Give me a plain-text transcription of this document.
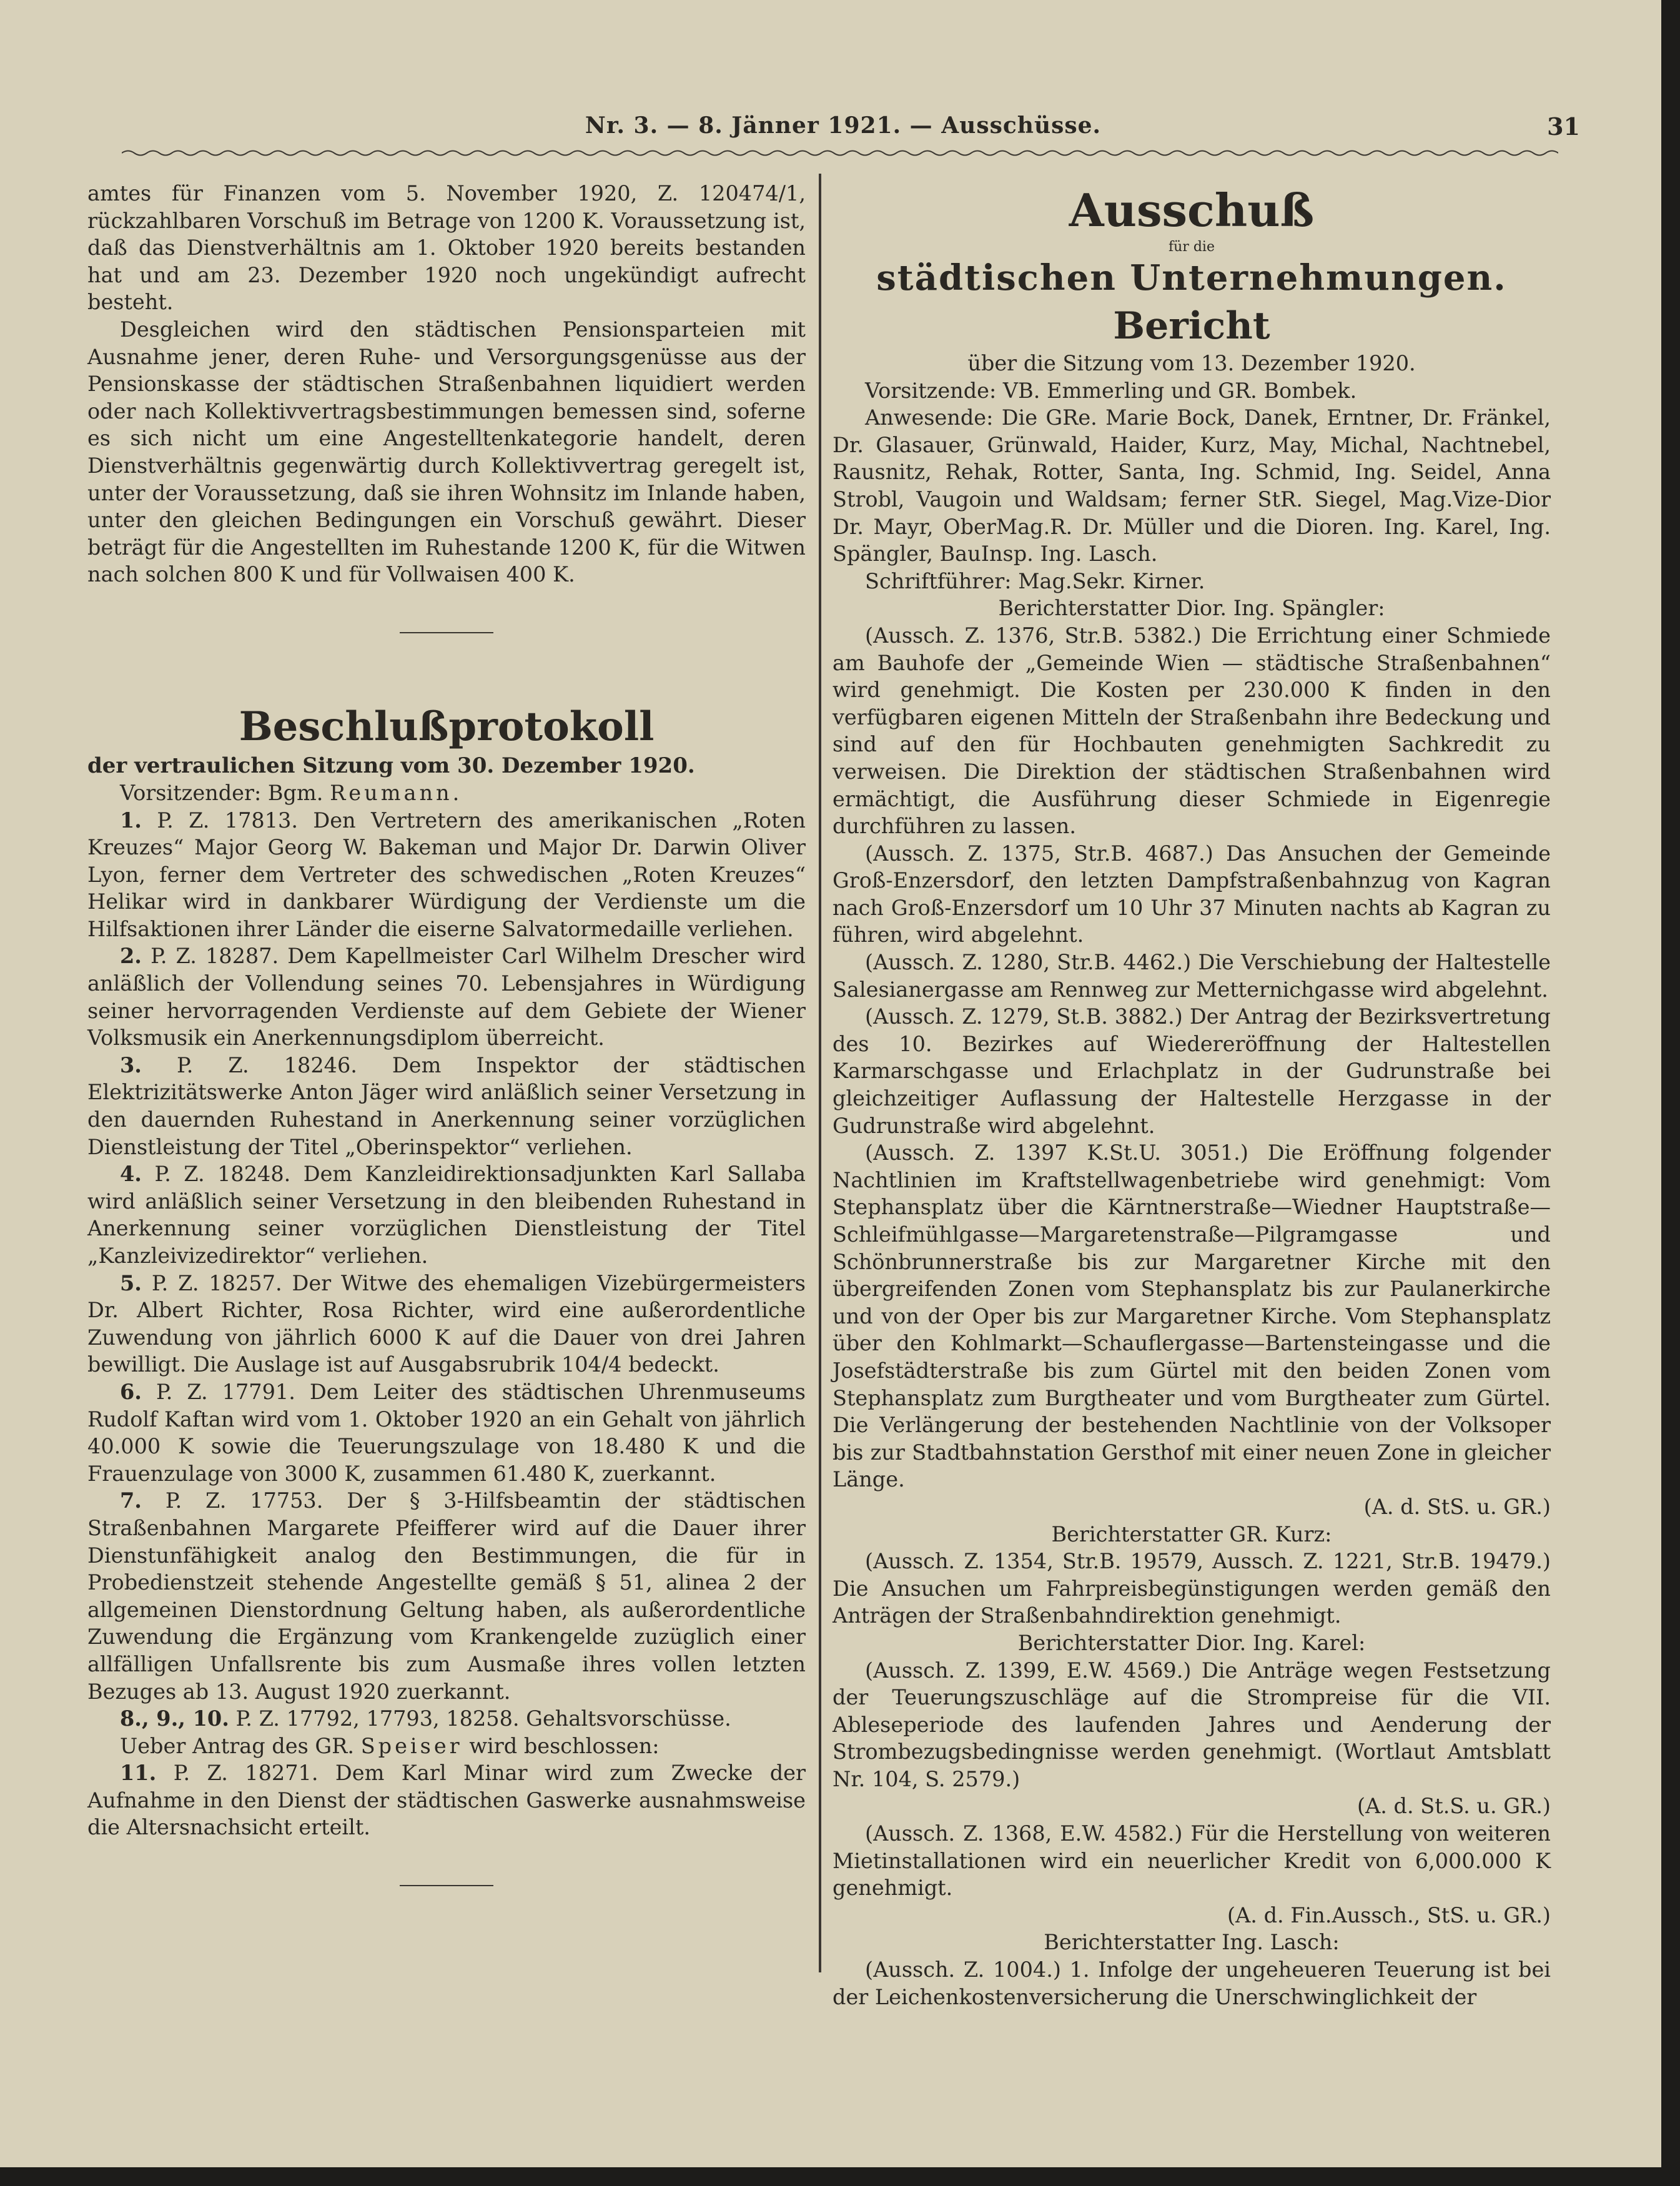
Nr. 3. — 8. Jänner 1921. — Ausschüsse.	31

amtes für Finanzen vom 5. November 1920, Z. 120474/1, rückzahlbaren Vorschuß im Betrage von 1200 K. Voraussetzung ist, daß das Dienstverhältnis am 1. Oktober 1920 bereits bestanden hat und am 23. Dezember 1920 noch ungekündigt aufrecht besteht.

Desgleichen wird den städtischen Pensionsparteien mit Ausnahme jener, deren Ruhe- und Versorgungsgenüsse aus der Pensionskasse der städtischen Straßenbahnen liquidiert werden oder nach Kollektivvertragsbestimmungen bemessen sind, soferne es sich nicht um eine Angestelltenkategorie handelt, deren Dienstverhältnis gegenwärtig durch Kollektivvertrag geregelt ist, unter der Voraussetzung, daß sie ihren Wohnsitz im Inlande haben, unter den gleichen Bedingungen ein Vorschuß gewährt. Dieser beträgt für die Angestellten im Ruhestande 1200 K, für die Witwen nach solchen 800 K und für Vollwaisen 400 K.

Beschlußprotokoll

der vertraulichen Sitzung vom 30. Dezember 1920.

Vorsitzender: Bgm. Reumann.

1. P. Z. 17813. Den Vertretern des amerikanischen „Roten Kreuzes“ Major Georg W. Bakeman und Major Dr. Darwin Oliver Lyon, ferner dem Vertreter des schwedischen „Roten Kreuzes“ Helikar wird in dankbarer Würdigung der Verdienste um die Hilfsaktionen ihrer Länder die eiserne Salvatormedaille verliehen.

2. P. Z. 18287. Dem Kapellmeister Carl Wilhelm Drescher wird anläßlich der Vollendung seines 70. Lebensjahres in Würdigung seiner hervorragenden Verdienste auf dem Gebiete der Wiener Volksmusik ein Anerkennungsdiplom überreicht.

3. P. Z. 18246. Dem Inspektor der städtischen Elektrizitätswerke Anton Jäger wird anläßlich seiner Versetzung in den dauernden Ruhestand in Anerkennung seiner vorzüglichen Dienstleistung der Titel „Oberinspektor“ verliehen.

4. P. Z. 18248. Dem Kanzleidirektionsadjunkten Karl Sallaba wird anläßlich seiner Versetzung in den bleibenden Ruhestand in Anerkennung seiner vorzüglichen Dienstleistung der Titel „Kanzleivizedirektor“ verliehen.

5. P. Z. 18257. Der Witwe des ehemaligen Vizebürgermeisters Dr. Albert Richter, Rosa Richter, wird eine außerordentliche Zuwendung von jährlich 6000 K auf die Dauer von drei Jahren bewilligt. Die Auslage ist auf Ausgabsrubrik 104/4 bedeckt.

6. P. Z. 17791. Dem Leiter des städtischen Uhrenmuseums Rudolf Kaftan wird vom 1. Oktober 1920 an ein Gehalt von jährlich 40.000 K sowie die Teuerungszulage von 18.480 K und die Frauenzulage von 3000 K, zusammen 61.480 K, zuerkannt.

7. P. Z. 17753. Der § 3-Hilfsbeamtin der städtischen Straßenbahnen Margarete Pfeifferer wird auf die Dauer ihrer Dienstunfähigkeit analog den Bestimmungen, die für in Probedienstzeit stehende Angestellte gemäß § 51, alinea 2 der allgemeinen Dienstordnung Geltung haben, als außerordentliche Zuwendung die Ergänzung vom Krankengelde zuzüglich einer allfälligen Unfallsrente bis zum Ausmaße ihres vollen letzten Bezuges ab 13. August 1920 zuerkannt.

8., 9., 10. P. Z. 17792, 17793, 18258. Gehaltsvorschüsse.

Ueber Antrag des GR. Speiser wird beschlossen:

11. P. Z. 18271. Dem Karl Minar wird zum Zwecke der Aufnahme in den Dienst der städtischen Gaswerke ausnahmsweise die Altersnachsicht erteilt.

Ausschuß
für die
städtischen Unternehmungen.
Bericht

über die Sitzung vom 13. Dezember 1920.

Vorsitzende: VB. Emmerling und GR. Bombek.

Anwesende: Die GRe. Marie Bock, Danek, Erntner, Dr. Fränkel, Dr. Glasauer, Grünwald, Haider, Kurz, May, Michal, Nachtnebel, Rausnitz, Rehak, Rotter, Santa, Ing. Schmid, Ing. Seidel, Anna Strobl, Vaugoin und Waldsam; ferner StR. Siegel, Mag.Vize-Dior Dr. Mayr, OberMag.R. Dr. Müller und die Dioren. Ing. Karel, Ing. Spängler, BauInsp. Ing. Lasch.

Schriftführer: Mag.Sekr. Kirner.

Berichterstatter Dior. Ing. Spängler:

(Aussch. Z. 1376, Str.B. 5382.) Die Errichtung einer Schmiede am Bauhofe der „Gemeinde Wien — städtische Straßenbahnen“ wird genehmigt. Die Kosten per 230.000 K finden in den verfügbaren eigenen Mitteln der Straßenbahn ihre Bedeckung und sind auf den für Hochbauten genehmigten Sachkredit zu verweisen. Die Direktion der städtischen Straßenbahnen wird ermächtigt, die Ausführung dieser Schmiede in Eigenregie durchführen zu lassen.

(Aussch. Z. 1375, Str.B. 4687.) Das Ansuchen der Gemeinde Groß-Enzersdorf, den letzten Dampfstraßenbahnzug von Kagran nach Groß-Enzersdorf um 10 Uhr 37 Minuten nachts ab Kagran zu führen, wird abgelehnt.

(Aussch. Z. 1280, Str.B. 4462.) Die Verschiebung der Haltestelle Salesianergasse am Rennweg zur Metternichgasse wird abgelehnt.

(Aussch. Z. 1279, St.B. 3882.) Der Antrag der Bezirksvertretung des 10. Bezirkes auf Wiedereröffnung der Haltestellen Karmarschgasse und Erlachplatz in der Gudrunstraße bei gleichzeitiger Auflassung der Haltestelle Herzgasse in der Gudrunstraße wird abgelehnt.

(Aussch. Z. 1397 K.St.U. 3051.) Die Eröffnung folgender Nachtlinien im Kraftstellwagenbetriebe wird genehmigt: Vom Stephansplatz über die Kärntnerstraße—Wiedner Hauptstraße—Schleifmühlgasse—Margaretenstraße—Pilgramgasse und Schönbrunnerstraße bis zur Margaretner Kirche mit den übergreifenden Zonen vom Stephansplatz bis zur Paulanerkirche und von der Oper bis zur Margaretner Kirche. Vom Stephansplatz über den Kohlmarkt—Schauflergasse—Bartensteingasse und die Josefstädterstraße bis zum Gürtel mit den beiden Zonen vom Stephansplatz zum Burgtheater und vom Burgtheater zum Gürtel. Die Verlängerung der bestehenden Nachtlinie von der Volksoper bis zur Stadtbahnstation Gersthof mit einer neuen Zone in gleicher Länge.

(A. d. StS. u. GR.)

Berichterstatter GR. Kurz:

(Aussch. Z. 1354, Str.B. 19579, Aussch. Z. 1221, Str.B. 19479.) Die Ansuchen um Fahrpreisbegünstigungen werden gemäß den Anträgen der Straßenbahndirektion genehmigt.

Berichterstatter Dior. Ing. Karel:

(Aussch. Z. 1399, E.W. 4569.) Die Anträge wegen Festsetzung der Teuerungszuschläge auf die Strompreise für die VII. Ableseperiode des laufenden Jahres und Aenderung der Strombezugsbedingnisse werden genehmigt. (Wortlaut Amtsblatt Nr. 104, S. 2579.)

(A. d. St.S. u. GR.)

(Aussch. Z. 1368, E.W. 4582.) Für die Herstellung von weiteren Mietinstallationen wird ein neuerlicher Kredit von 6,000.000 K genehmigt.

(A. d. Fin.Aussch., StS. u. GR.)

Berichterstatter Ing. Lasch:

(Aussch. Z. 1004.) 1. Infolge der ungeheueren Teuerung ist bei der Leichenkostenversicherung die Unerschwinglichkeit der
